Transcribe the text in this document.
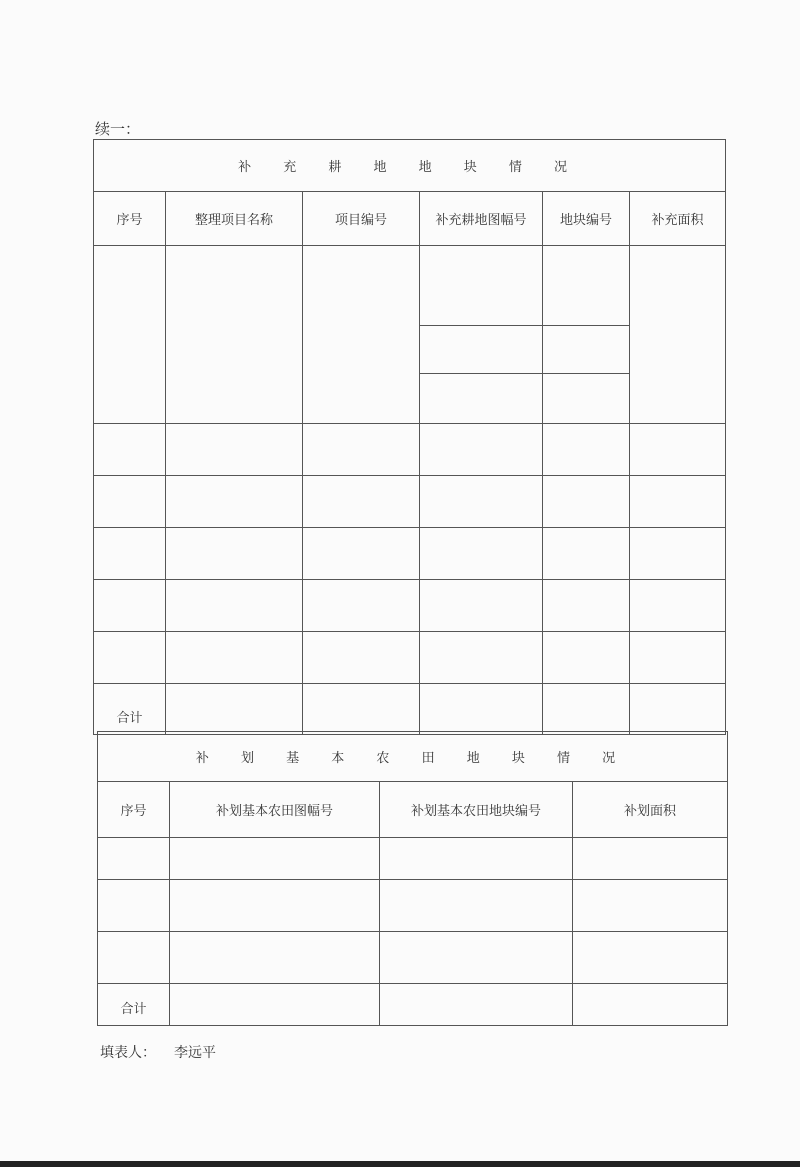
续一：
补 充 耕 地 地 块 情 况					
序号	整理项目名称	项目编号	补充耕地图幅号	地块编号	补充面积

合计					
补 划 基 本 农 田 地 块 情 况			
序号	补划基本农田图幅号	补划基本农田地块编号	补划面积

合计			
填表人： 李远平
